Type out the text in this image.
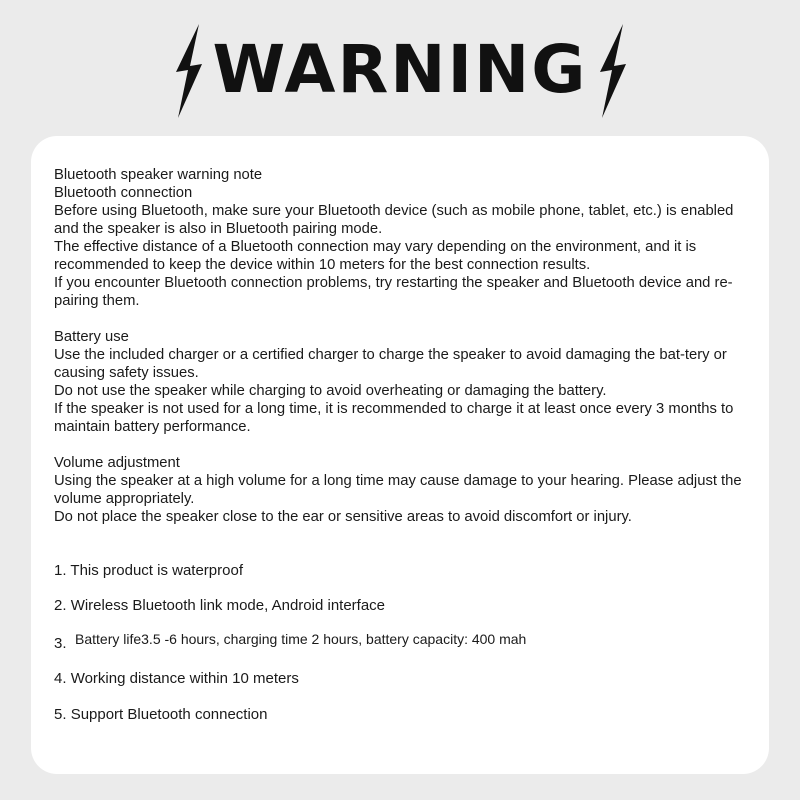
WARNING

Bluetooth speaker warning note

Bluetooth connection

Before using Bluetooth, make sure your Bluetooth device (such as mobile phone, tablet, etc.) is enabled and the speaker is also in Bluetooth pairing mode.

The effective distance of a Bluetooth connection may vary depending on the environment, and it is recommended to keep the device within 10 meters for the best connection results.

If you encounter Bluetooth connection problems, try restarting the speaker and Bluetooth device and re-pairing them.

Battery use

Use the included charger or a certified charger to charge the speaker to avoid damaging the bat-tery or causing safety issues.

Do not use the speaker while charging to avoid overheating or damaging the battery.

If the speaker is not used for a long time, it is recommended to charge it at least once every 3 months to maintain battery performance.

Volume adjustment

Using the speaker at a high volume for a long time may cause damage to your hearing. Please adjust the volume appropriately.

Do not place the speaker close to the ear or sensitive areas to avoid discomfort or injury.

1. This product is waterproof
2. Wireless Bluetooth link mode, Android interface
3. Battery life3.5 -6 hours, charging time 2 hours, battery capacity: 400 mah
4. Working distance within 10 meters
5. Support Bluetooth connection
